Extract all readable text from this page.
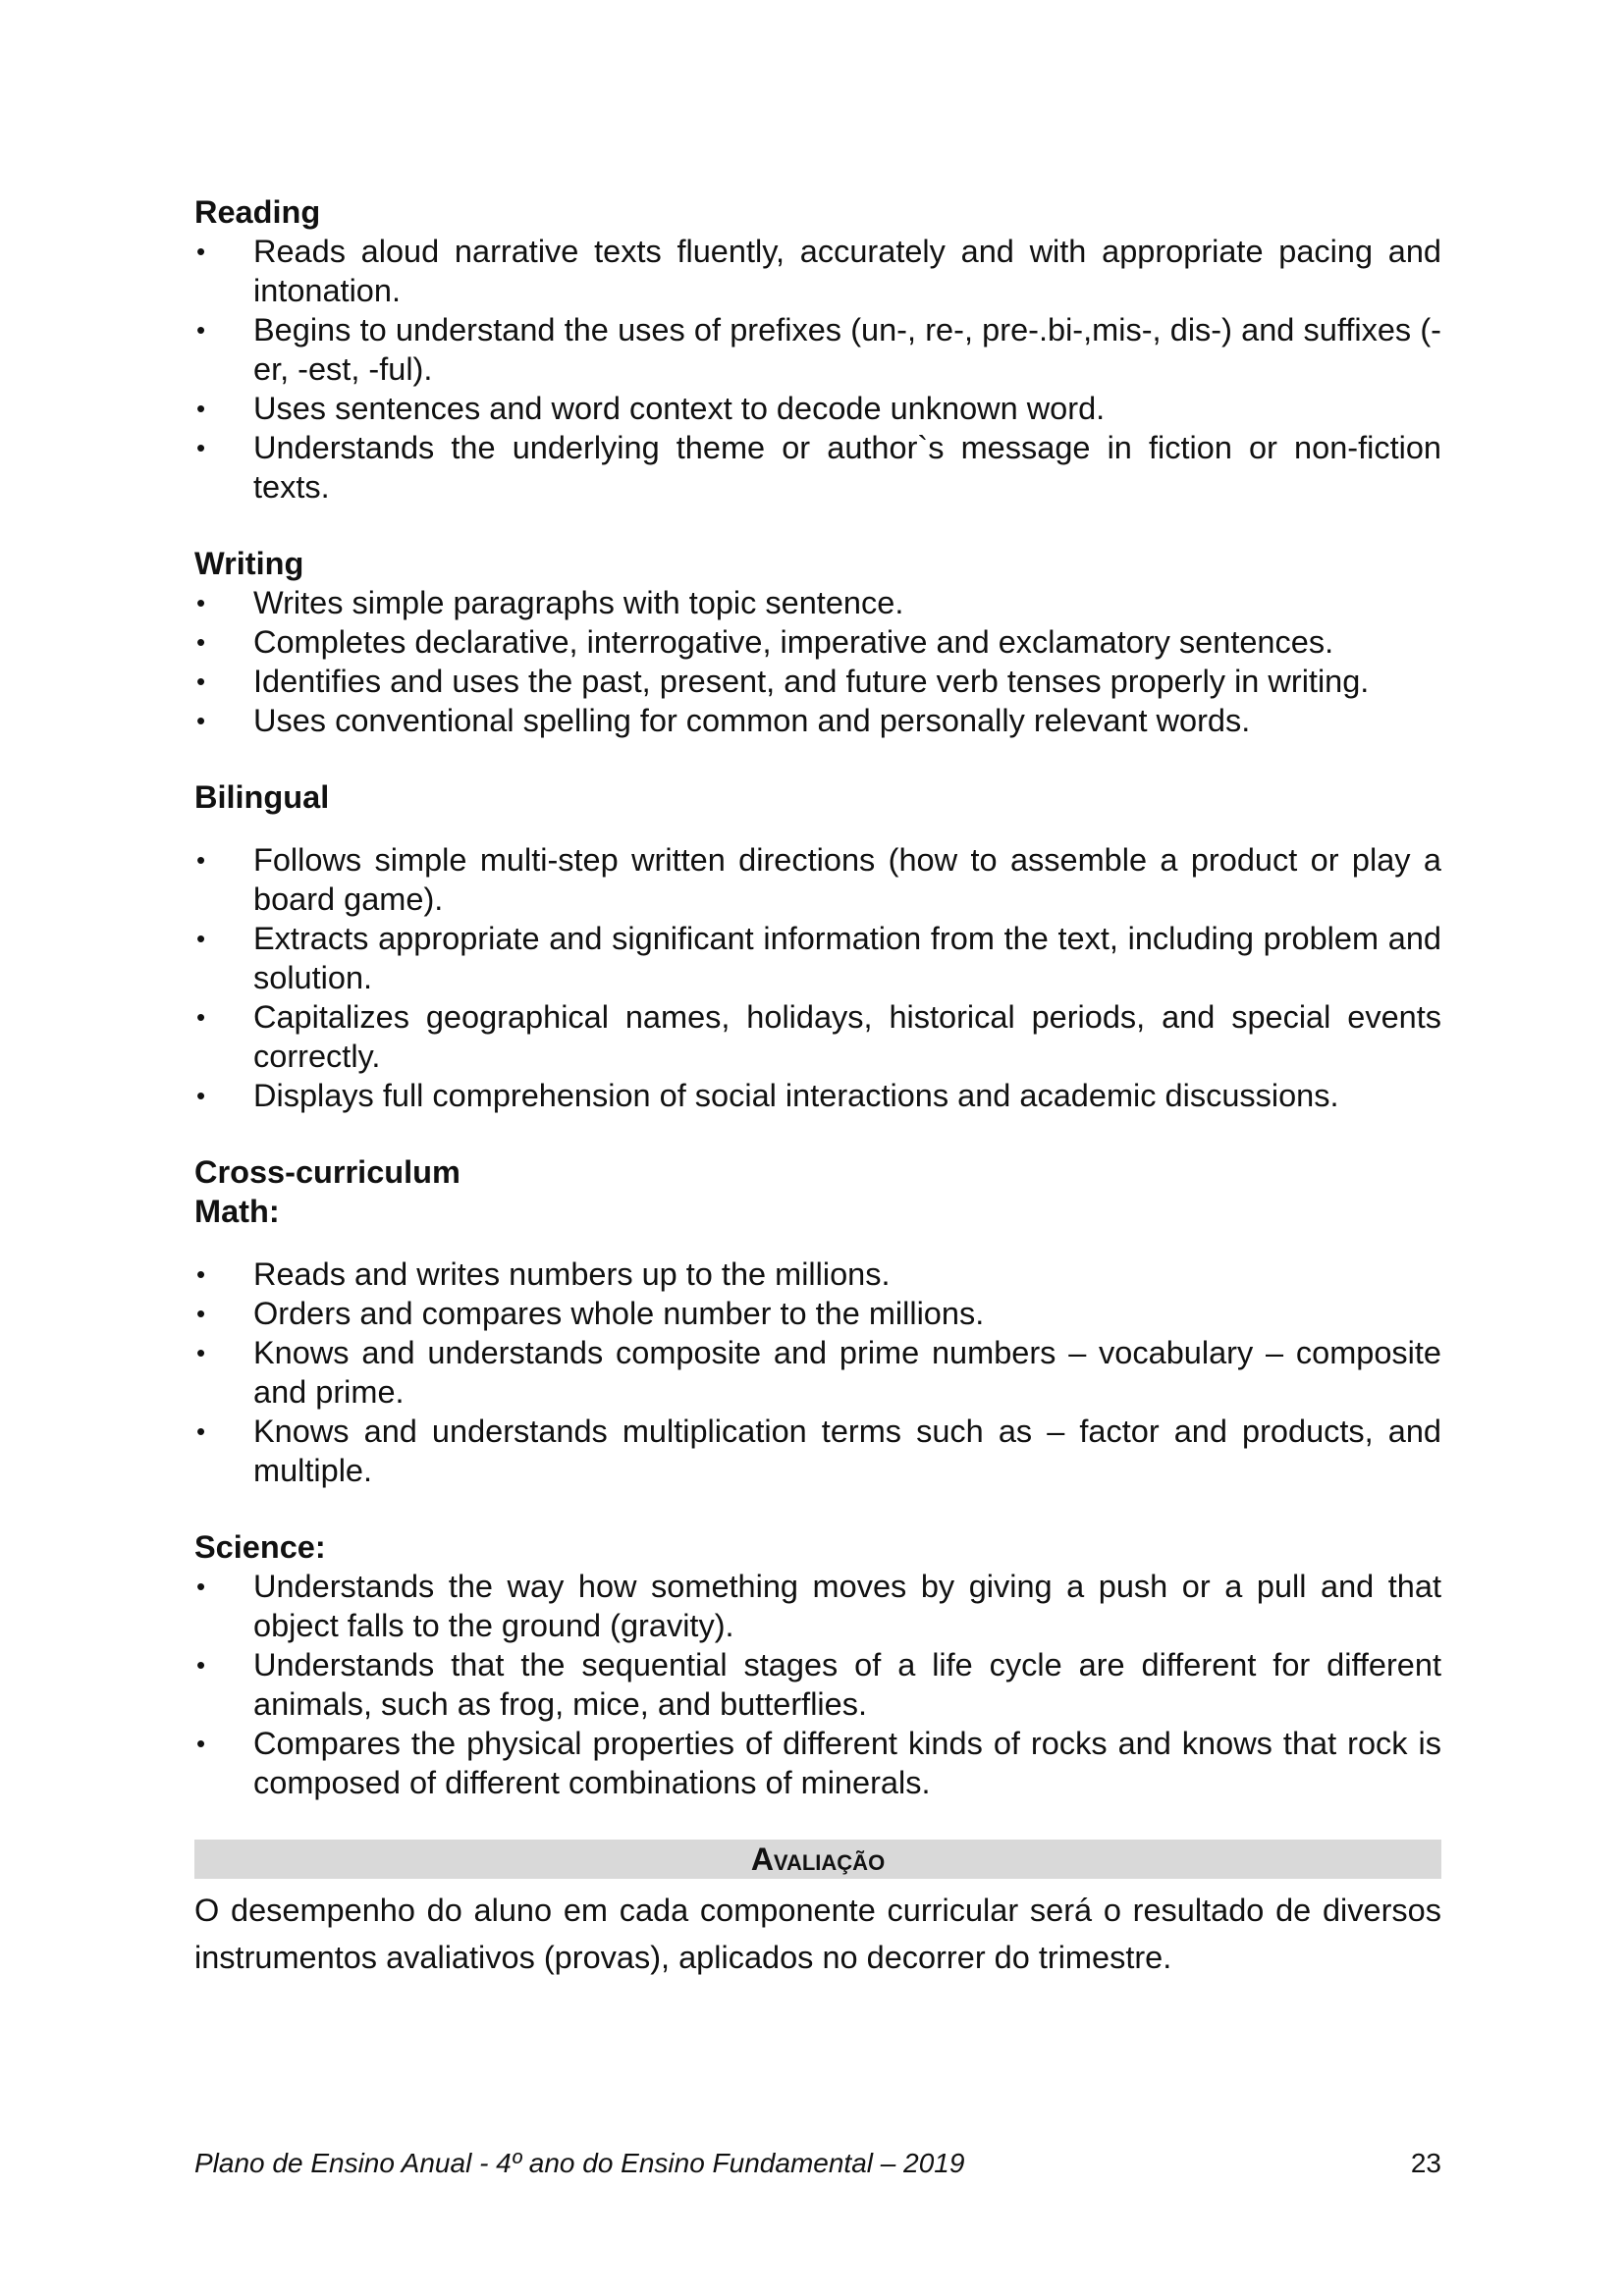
Reading

•	Reads aloud narrative texts fluently, accurately and with appropriate pacing and intonation.
•	Begins to understand the uses of prefixes (un-, re-, pre-.bi-,mis-, dis-) and suffixes (-er, -est, -ful).
•	Uses sentences and word context to decode unknown word.
•	Understands the underlying theme or author`s message in fiction or non-fiction texts.

Writing

•	Writes simple paragraphs with topic sentence.
•	Completes declarative, interrogative, imperative and exclamatory sentences.
•	Identifies and uses the past, present, and future verb tenses properly in writing.
•	Uses conventional spelling for common and personally relevant words.

Bilingual

•	Follows simple multi-step written directions (how to assemble a product or play a board game).
•	Extracts appropriate and significant information from the text, including problem and solution.
•	Capitalizes geographical names, holidays, historical periods, and special events correctly.
•	Displays full comprehension of social interactions and academic discussions.

Cross-curriculum

Math:

•	Reads and writes numbers up to the millions.
•	Orders and compares whole number to the millions.
•	Knows and understands composite and prime numbers – vocabulary – composite and prime.
•	Knows and understands multiplication terms such as – factor and products, and multiple.

Science:

•	Understands the way how something moves by giving a push or a pull and that object falls to the ground (gravity).
•	Understands that the sequential stages of a life cycle are different for different animals, such as frog, mice, and butterflies.
•	Compares the physical properties of different kinds of rocks and knows that rock is composed of different combinations of minerals.
Avaliação

O desempenho do aluno em cada componente curricular será o resultado de diversos instrumentos avaliativos (provas), aplicados no decorrer do trimestre.

Plano de Ensino Anual - 4º ano do Ensino Fundamental – 2019	23
